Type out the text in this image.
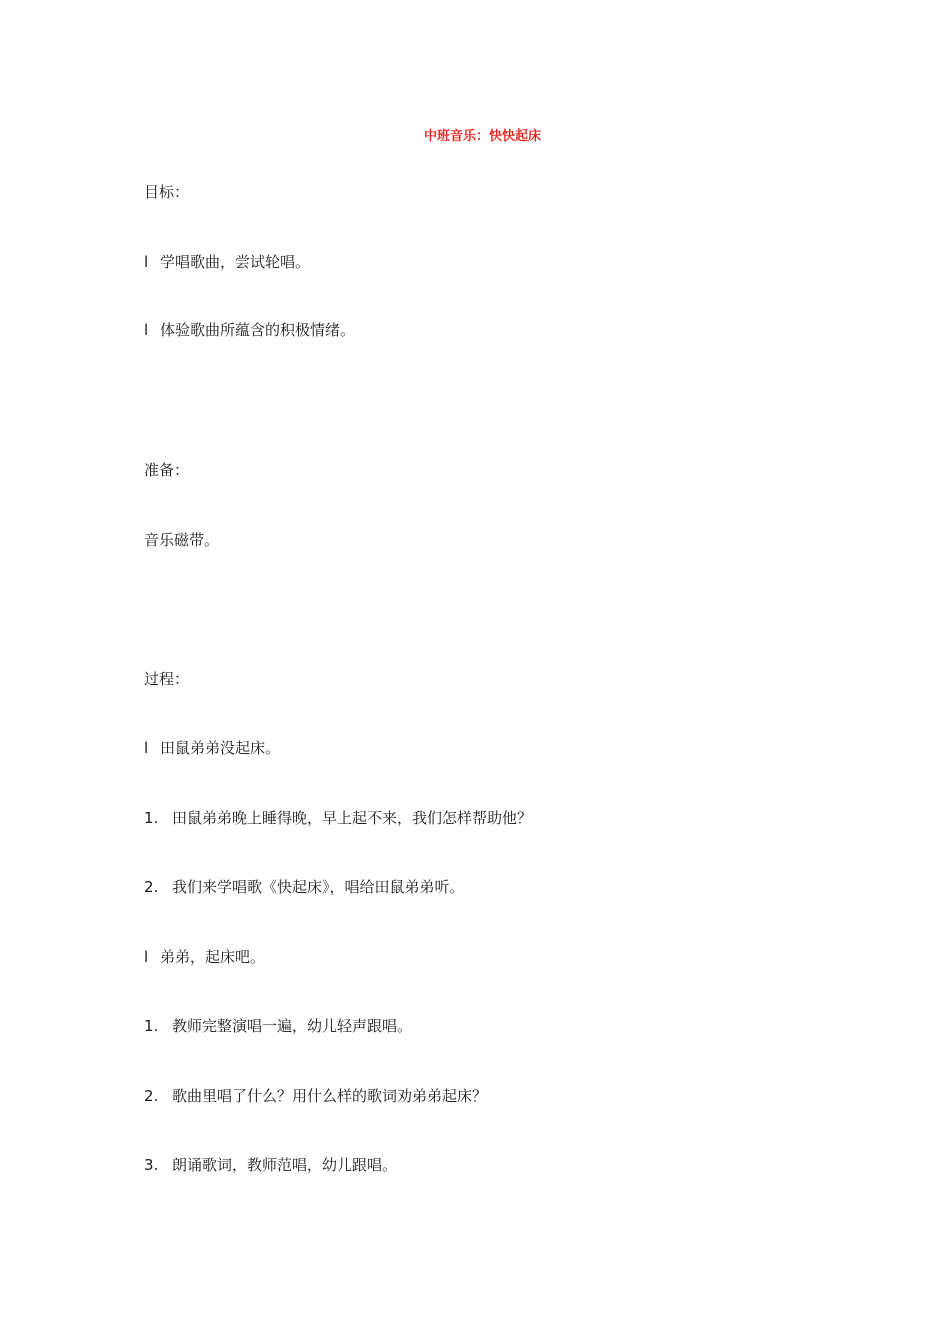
中班音乐：快快起床
目标：
l 学唱歌曲，尝试轮唱。
l 体验歌曲所蕴含的积极情绪。
准备：
音乐磁带。
过程：
l 田鼠弟弟没起床。
1. 田鼠弟弟晚上睡得晚，早上起不来，我们怎样帮助他？
2. 我们来学唱歌《快起床》，唱给田鼠弟弟听。
l 弟弟，起床吧。
1. 教师完整演唱一遍，幼儿轻声跟唱。
2. 歌曲里唱了什么？用什么样的歌词劝弟弟起床？
3. 朗诵歌词，教师范唱，幼儿跟唱。
